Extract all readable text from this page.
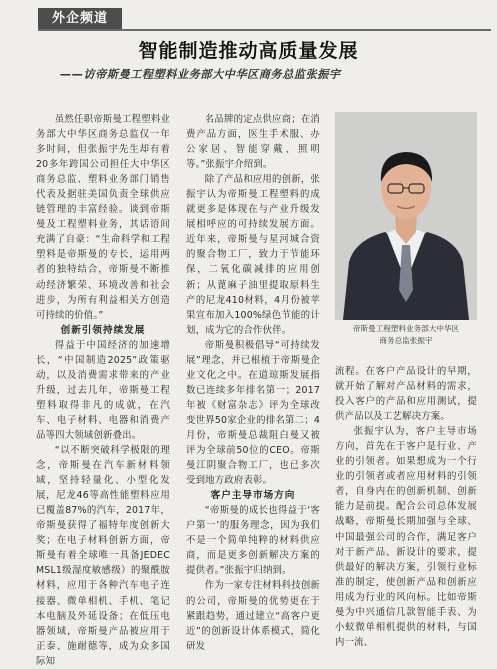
外企频道
智能制造推动高质量发展
——访帝斯曼工程塑料业务部大中华区商务总监张振宇

虽然任职帝斯曼工程塑料业务部大中华区商务总监仅一年多时间，但张振宇先生却有着20多年跨国公司担任大中华区商务总监、塑料业务部门销售代表及据驻美国负责全球供应链管理的丰富经验。谈到帝斯曼及工程塑料业务，其话语间充满了自豪：“生命科学和工程塑料是帝斯曼的专长，运用两者的独特结合，帝斯曼不断推动经济繁荣、环境改善和社会进步，为所有利益相关方创造可持续的价值。”

创新引领持续发展

得益于中国经济的加速增长，“中国制造2025”政策驱动，以及消费需求带来的产业升级，过去几年，帝斯曼工程塑料取得非凡的成就，在汽车、电子材料、电器和消费产品等四大领域创新叠出。

“以不断突破科学极限的理念，帝斯曼在汽车新材料领域，坚持轻量化、小型化发展，尼龙46等高性能塑料应用已覆盖87%的汽车，2017年，帝斯曼获得了福特年度创新大奖；在电子材料创新方面，帝斯曼有着全球唯一具备JEDEC MSL1级湿度敏感级）的聚酰胺材料，应用于各种汽车电子连接器、微单相机、手机、笔记本电脑及外延设备；在低压电器领域，帝斯曼产品被应用于正泰、施耐德等，成为众多国际知

名品牌的定点供应商；在消费产品方面，医生手术服、办公家居、智能穿戴、照明等。”张振宇介绍到。

除了产品和应用的创新，张振宇认为帝斯曼工程塑料的成就更多是体现在与产业升级发展相呼应的可持续发展方面。近年来，帝斯曼与星河城合资的聚合物工厂，致力于节能环保，二氧化碳减排的应用创新；从蓖麻子油里提取原料生产的尼龙410材料，4月份被苹果宣布加入100%绿色节能的计划，成为它的合作伙伴。

帝斯曼积极倡导“可持续发展”理念，并已根植于帝斯曼企业文化之中。在道琼斯发展指数已连续多年排名第一；2017年被《财富杂志》评为全球改变世界50家企业的排名第二；4月份，帝斯曼总裁阻白曼又被评为全球前50位的CEO。帝斯曼江阴聚合物工厂，也已多次受到地方政府表彰。

客户主导市场方向

“帝斯曼的成长也得益于‘客户第一’的服务理念，因为我们不是一个简单纯粹的材料供应商，而是更多创新解决方案的提供者。”张振宇归纳到。

作为一家专注材料科技创新的公司，帝斯曼的优势更在于紧跟趋势，通过建立“高客户更近”的创新设计体系模式，简化研发

帝斯曼工程塑料业务部大中华区
商务总监张振宇

流程。在客户产品设计的早期，就开始了解对产品材料的需求，投入客户的产品和应用测试，提供产品以及工艺解决方案。

张振宇认为，客户主导市场方向，首先在于客户是行业、产业的引领者。如果想成为一个行业的引领者或者应用材料的引领者，自身内在的创新机制、创新能力是前提。配合公司总体发展战略，帝斯曼长期加强与全球、中国最强公司的合作，满足客户对于新产品、新设计的要求，提供最好的解决方案，引领行业标准的制定，使创新产品和创新应用成为行业的风向标。比如帝斯曼为中兴通信几款智能手表、为小蚁微单相机提供的材料，与国内一流、
